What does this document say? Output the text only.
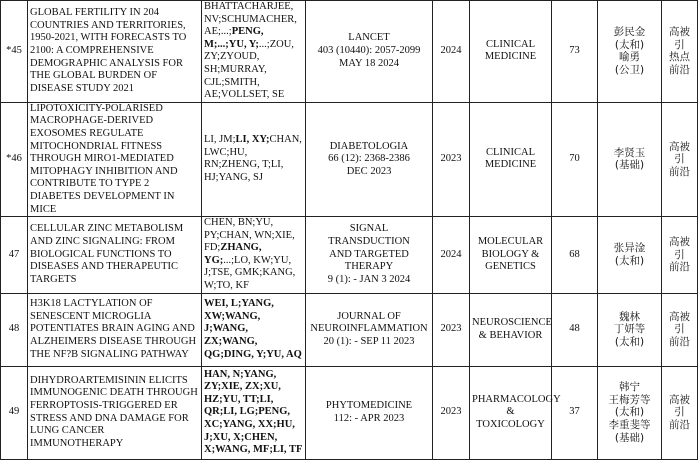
*45	GLOBAL FERTILITY IN 204 COUNTRIES AND TERRITORIES, 1950-2021, WITH FORECASTS TO 2100: A COMPREHENSIVE DEMOGRAPHIC ANALYSIS FOR THE GLOBAL BURDEN OF DISEASE STUDY 2021	BHATTACHARJEE, NV;SCHUMACHER, AE;...;PENG, M;...;YU, Y;...;ZOU, ZY;ZYOUD, SH;MURRAY, CJL;SMITH, AE;VOLLSET, SE	LANCET
403 (10440): 2057-2099
MAY 18 2024	2024	CLINICAL MEDICINE	73	彭民金
(太和)
喻勇
(公卫)	高被引
热点
前沿

*46	LIPOTOXICITY-POLARISED MACROPHAGE-DERIVED EXOSOMES REGULATE MITOCHONDRIAL FITNESS THROUGH MIRO1-MEDIATED MITOPHAGY INHIBITION AND CONTRIBUTE TO TYPE 2 DIABETES DEVELOPMENT IN MICE	LI, JM;LI, XY;CHAN, LWC;HU, RN;ZHENG, T;LI, HJ;YANG, SJ	DIABETOLOGIA
66 (12): 2368-2386
DEC 2023	2023	CLINICAL MEDICINE	70	李贤玉
(基础)	高被引
前沿

47	CELLULAR ZINC METABOLISM AND ZINC SIGNALING: FROM BIOLOGICAL FUNCTIONS TO DISEASES AND THERAPEUTIC TARGETS	CHEN, BN;YU, PY;CHAN, WN;XIE, FD;ZHANG, YG;...;LO, KW;YU, J;TSE, GMK;KANG, W;TO, KF	SIGNAL TRANSDUCTION
AND TARGETED
THERAPY
9 (1): - JAN 3 2024	2024	MOLECULAR BIOLOGY & GENETICS	68	张异淦
(太和)	高被引
前沿

48	H3K18 LACTYLATION OF SENESCENT MICROGLIA POTENTIATES BRAIN AGING AND ALZHEIMERS DISEASE THROUGH THE NF?B SIGNALING PATHWAY	WEI, L;YANG, XW;WANG, J;WANG, ZX;WANG, QG;DING, Y;YU, AQ	JOURNAL OF
NEUROINFLAMMATION
20 (1): - SEP 11 2023	2023	NEUROSCIENCE & BEHAVIOR	48	魏林
丁妍等
(太和)	高被引
前沿

49	DIHYDROARTEMISININ ELICITS IMMUNOGENIC DEATH THROUGH FERROPTOSIS-TRIGGERED ER STRESS AND DNA DAMAGE FOR LUNG CANCER IMMUNOTHERAPY	HAN, N;YANG, ZY;XIE, ZX;XU, HZ;YU, TT;LI, QR;LI, LG;PENG, XC;YANG, XX;HU, J;XU, X;CHEN, X;WANG, MF;LI, TF	PHYTOMEDICINE
112: - APR 2023	2023	PHARMACOLOGY & TOXICOLOGY	37	韩宁
王梅芳等
(太和)
李重斐等
(基础)	高被引
前沿
